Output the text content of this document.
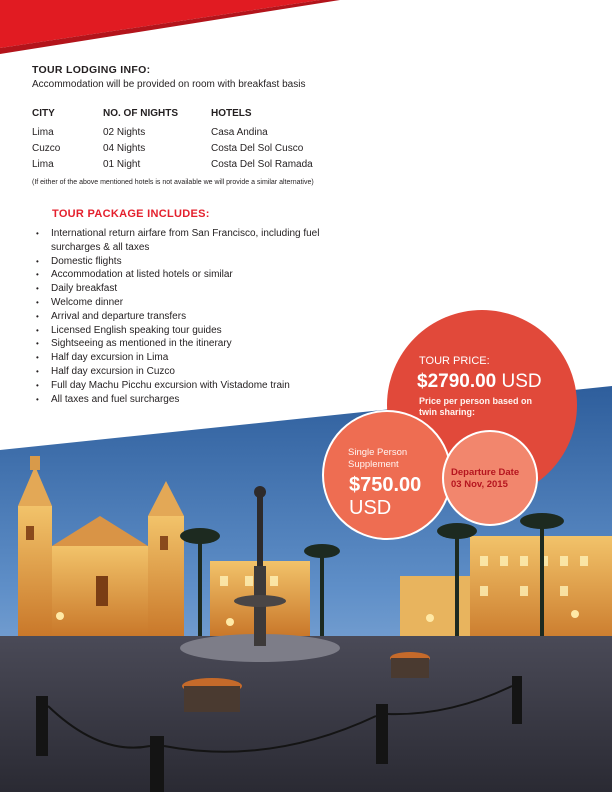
TOUR LODGING INFO:
Accommodation will be provided on room with breakfast basis
CITY	NO. OF NIGHTS	HOTELS
Lima	02 Nights	Casa Andina
Cuzco	04 Nights	Costa Del Sol Cusco
Lima	01 Night	Costa Del Sol Ramada
(If either of the above mentioned hotels is not available we will provide a similar alternative)
TOUR PACKAGE INCLUDES:
• International return airfare from San Francisco, including fuel surcharges & all taxes
• Domestic flights
• Accommodation at listed hotels or similar
• Daily breakfast
• Welcome dinner
• Arrival and departure transfers
• Licensed English speaking tour guides
• Sightseeing as mentioned in the itinerary
• Half day excursion in Lima
• Half day excursion in Cuzco
• Full day Machu Picchu excursion with Vistadome train
• All taxes and fuel surcharges
TOUR PRICE:
$2790.00 USD
Price per person based on twin sharing:
Single Person Supplement
$750.00
USD
Departure Date
03 Nov, 2015
